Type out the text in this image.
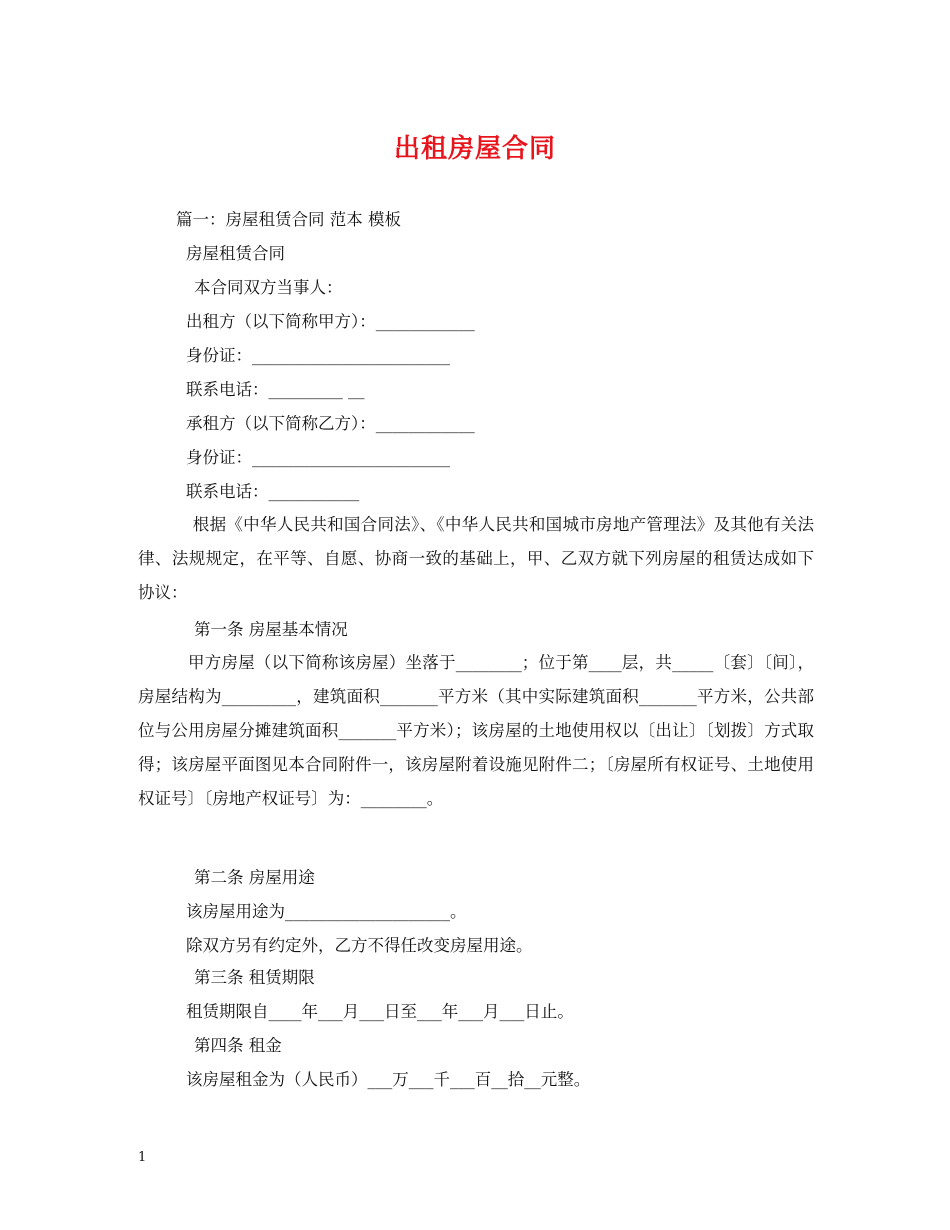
出租房屋合同
篇一：房屋租赁合同 范本 模板
房屋租赁合同
本合同双方当事人：
出租方（以下简称甲方）：____________
身份证：________________________
联系电话：_________ __
承租方（以下简称乙方）：____________
身份证：________________________
联系电话：___________
　根据《中华人民共和国合同法》、《中华人民共和国城市房地产管理法》及其他有关法律、法规规定，在平等、自愿、协商一致的基础上，甲、乙双方就下列房屋的租赁达成如下协议：
第一条 房屋基本情况
甲方房屋（以下简称该房屋）坐落于________；位于第____层，共_____〔套〕〔间〕，房屋结构为_________，建筑面积_______平方米（其中实际建筑面积_______平方米，公共部位与公用房屋分摊建筑面积_______平方米）；该房屋的土地使用权以〔出让〕〔划拨〕方式取得；该房屋平面图见本合同附件一，该房屋附着设施见附件二；〔房屋所有权证号、土地使用权证号〕〔房地产权证号〕为：________。
第二条 房屋用途
该房屋用途为____________________。
除双方另有约定外，乙方不得任改变房屋用途。
第三条 租赁期限
租赁期限自____年___月___日至___年___月___日止。
第四条 租金
该房屋租金为（人民币）___万___千___百__拾__元整。
1
